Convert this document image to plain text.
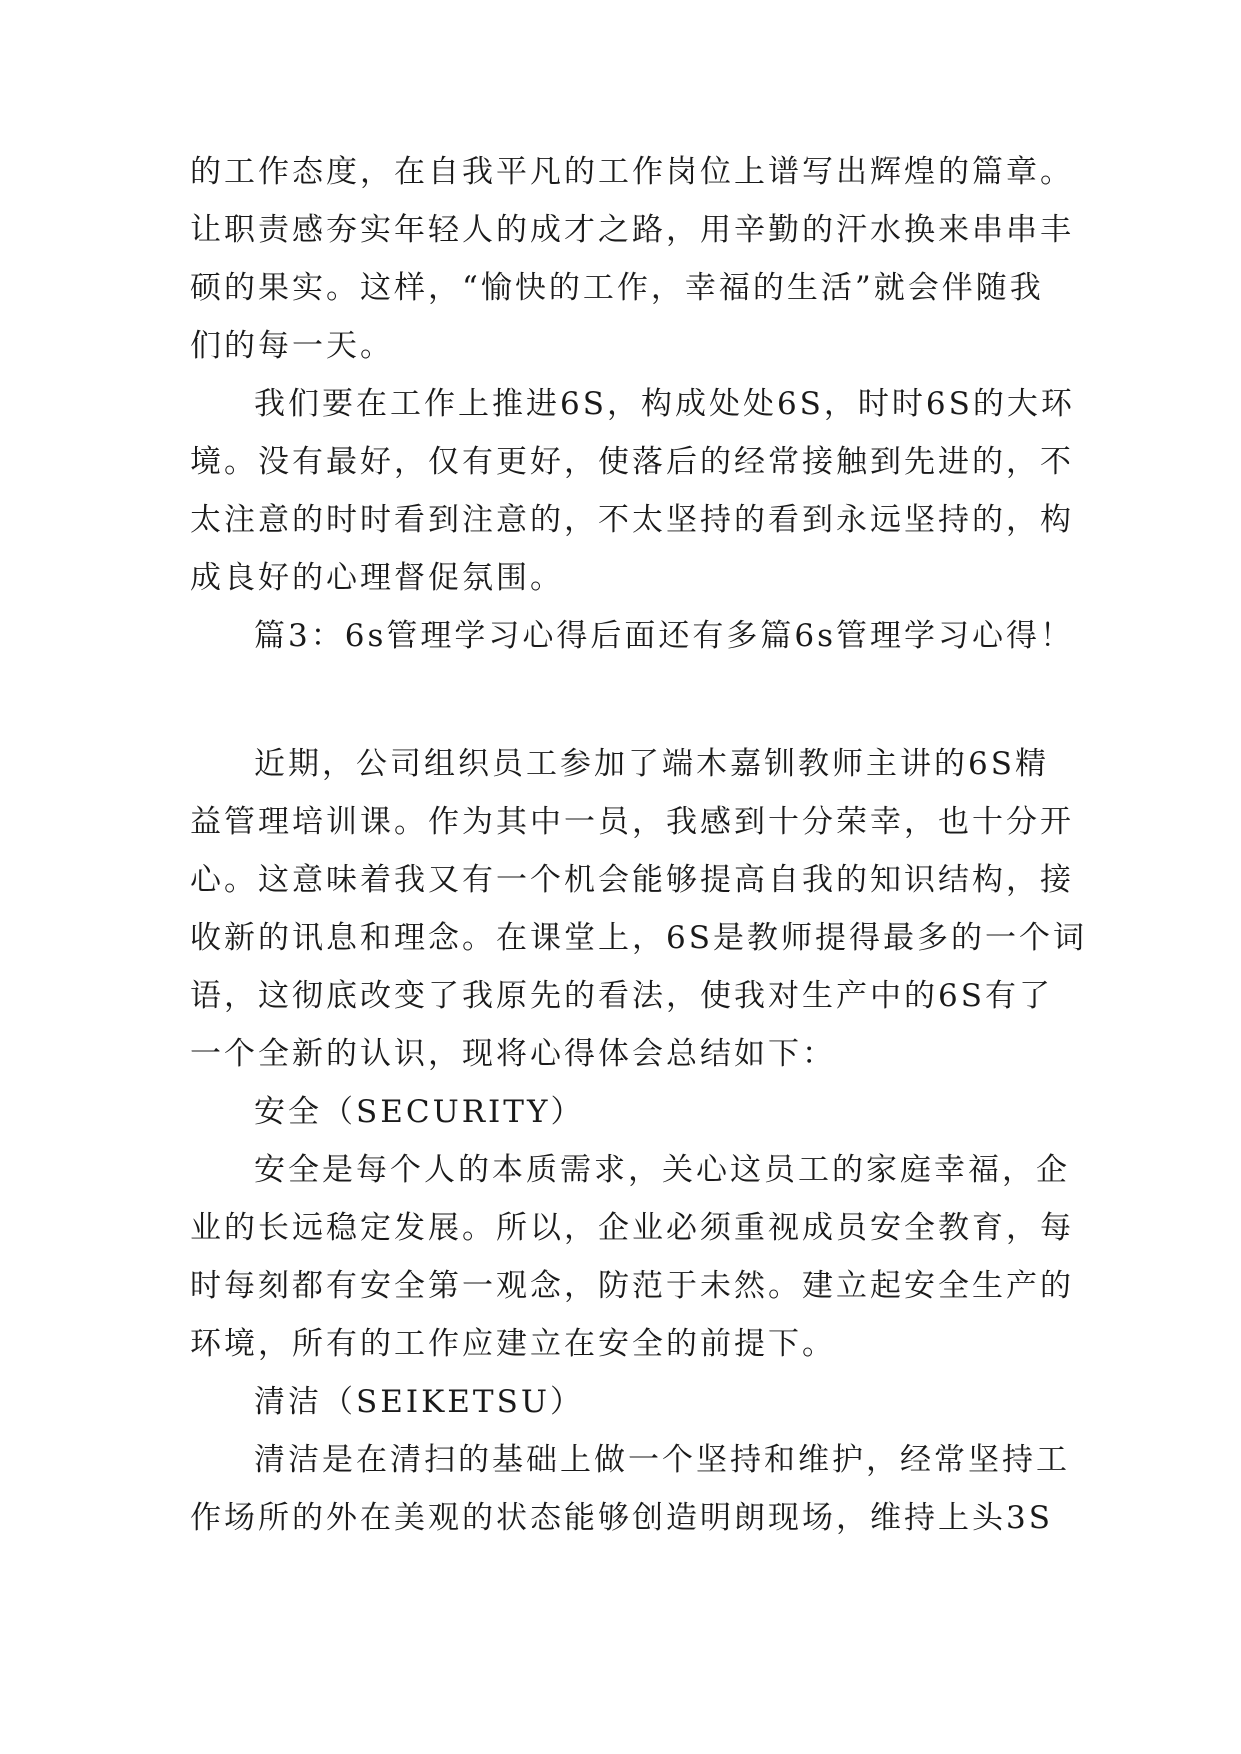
的工作态度，在自我平凡的工作岗位上谱写出辉煌的篇章。
让职责感夯实年轻人的成才之路，用辛勤的汗水换来串串丰
硕的果实。这样，“愉快的工作，幸福的生活”就会伴随我
们的每一天。
我们要在工作上推进6S，构成处处6S，时时6S的大环
境。没有最好，仅有更好，使落后的经常接触到先进的，不
太注意的时时看到注意的，不太坚持的看到永远坚持的，构
成良好的心理督促氛围。
篇3：6s管理学习心得后面还有多篇6s管理学习心得！
近期，公司组织员工参加了端木嘉钏教师主讲的6S精
益管理培训课。作为其中一员，我感到十分荣幸，也十分开
心。这意味着我又有一个机会能够提高自我的知识结构，接
收新的讯息和理念。在课堂上，6S是教师提得最多的一个词
语，这彻底改变了我原先的看法，使我对生产中的6S有了
一个全新的认识，现将心得体会总结如下：
安全（SECURITY）
安全是每个人的本质需求，关心这员工的家庭幸福，企
业的长远稳定发展。所以，企业必须重视成员安全教育，每
时每刻都有安全第一观念，防范于未然。建立起安全生产的
环境，所有的工作应建立在安全的前提下。
清洁（SEIKETSU）
清洁是在清扫的基础上做一个坚持和维护，经常坚持工
作场所的外在美观的状态能够创造明朗现场，维持上头3S
